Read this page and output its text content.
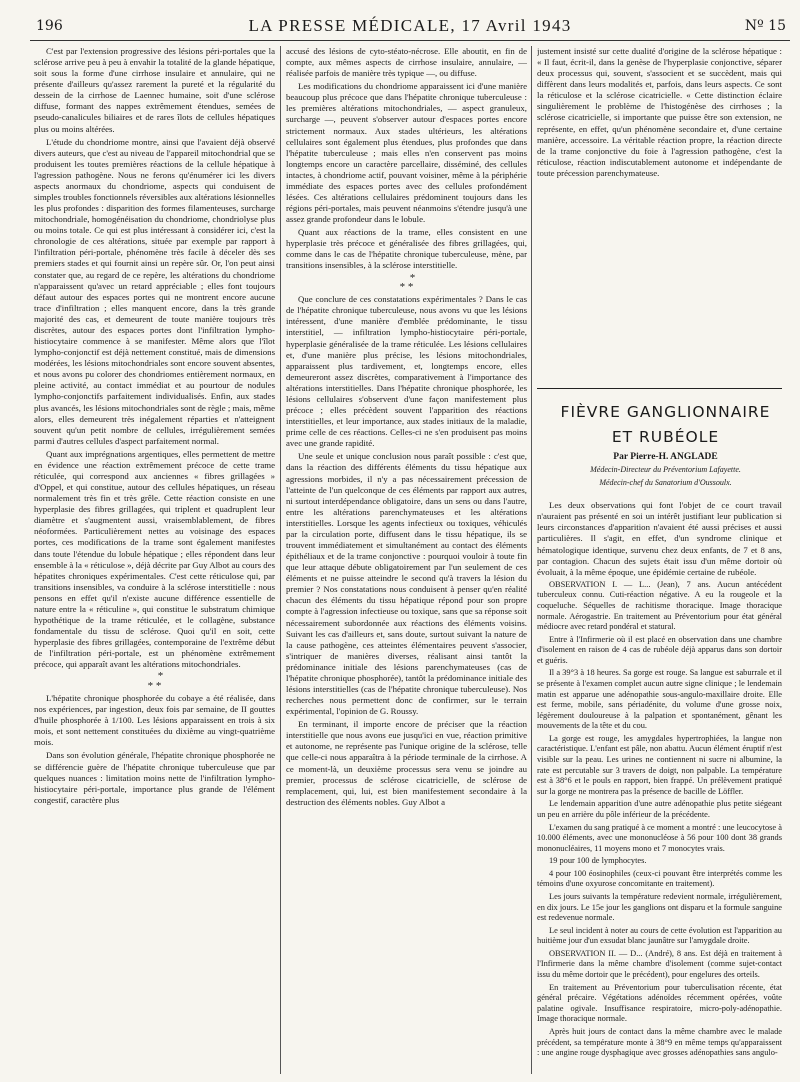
196	LA PRESSE MÉDICALE, 17 Avril 1943	Nº 15

C'est par l'extension progressive des lésions péri-portales que la sclérose arrive peu à peu à envahir la totalité de la glande hépatique, soit sous la forme d'une cirrhose insulaire et annulaire, qui ne présente d'ailleurs qu'assez rarement la pureté et la régularité du dessein de la cirrhose de Laennec humaine, soit d'une sclérose diffuse, formant des nappes extrêmement étendues, semées de pseudo-canalicules biliaires et de rares îlots de cellules hépatiques plus ou moins altérées.

L'étude du chondriome montre, ainsi que l'avaient déjà observé divers auteurs, que c'est au niveau de l'appareil mitochondrial que se produisent les toutes premières réactions de la cellule hépatique à l'agression pathogène. Nous ne ferons qu'énumérer ici les divers aspects anormaux du chondriome, aspects qui conduisent de simples troubles fonctionnels réversibles aux altérations lésionnelles les plus profondes : disparition des formes filamenteuses, surcharge mitochondriale, homogénéisation du chondriome, chondriolyse plus ou moins totale. Ce qui est plus intéressant à considérer ici, c'est la chronologie de ces altérations, située par exemple par rapport à l'infiltration péri-portale, phénomène très facile à déceler dès ses premiers stades et qui fournit ainsi un repère sûr. Or, l'on peut ainsi constater que, au regard de ce repère, les altérations du chondriome n'apparaissent qu'avec un retard appréciable ; elles font toujours défaut autour des espaces portes qui ne montrent encore aucune trace d'infiltration ; elles manquent encore, dans la très grande majorité des cas, et demeurent de toute manière toujours très discrètes, autour des espaces portes dont l'infiltration lympho-histiocytaire commence à se manifester. Même alors que l'îlot lympho-conjonctif est déjà nettement constitué, mais de dimensions modérées, les lésions mitochondriales sont encore souvent absentes, et nous avons pu colorer des chondriomes entièrement normaux, en pleine activité, au contact immédiat et au pourtour de nodules lympho-conjonctifs parfaitement individualisés. Enfin, aux stades plus avancés, les lésions mitochondriales sont de règle ; mais, même alors, elles demeurent très inégalement réparties et n'atteignent souvent qu'un petit nombre de cellules, irrégulièrement semées parmi d'autres cellules d'aspect parfaitement normal.

Quant aux imprégnations argentiques, elles permettent de mettre en évidence une réaction extrêmement précoce de cette trame réticulée, qui correspond aux anciennes « fibres grillagées » d'Oppel, et qui constitue, autour des cellules hépatiques, un réseau normalement très fin et très grêle. Cette réaction consiste en une hyperplasie des fibres grillagées, qui triplent et quadruplent leur diamètre et s'augmentent aussi, vraisemblablement, de fibres néoformées. Particulièrement nettes au voisinage des espaces portes, ces modifications de la trame sont également manifestes dans toute l'étendue du lobule hépatique ; elles répondent dans leur ensemble à la « réticulose », déjà décrite par Guy Albot au cours des hépatites chroniques expérimentales. C'est cette réticulose qui, par transitions insensibles, va conduire à la sclérose interstitielle : nous pensons en effet qu'il n'existe aucune différence essentielle de nature entre la « réticuline », qui constitue le substratum chimique hypothétique de la trame réticulée, et le collagène, substance fondamentale du tissu de sclérose. Quoi qu'il en soit, cette hyperplasie des fibres grillagées, contemporaine de l'extrême début de l'infiltration péri-portale, est un phénomène extrêmement précoce, qui apparaît avant les altérations mitochondriales.

*
* *

L'hépatite chronique phosphorée du cobaye a été réalisée, dans nos expériences, par ingestion, deux fois par semaine, de II gouttes d'huile phosphorée à 1/100. Les lésions apparaissent en trois à six mois, et sont nettement constituées du dixième au vingt-quatrième mois.

Dans son évolution générale, l'hépatite chronique phosphorée ne se différencie guère de l'hépatite chronique tuberculeuse que par quelques nuances : limitation moins nette de l'infiltration lympho-histiocytaire péri-portale, importance plus grande de l'élément congestif, caractère plus

accusé des lésions de cyto-stéato-nécrose. Elle aboutit, en fin de compte, aux mêmes aspects de cirrhose insulaire, annulaire, — réalisée parfois de manière très typique —, ou diffuse.

Les modifications du chondriome apparaissent ici d'une manière beaucoup plus précoce que dans l'hépatite chronique tuberculeuse : les premières altérations mitochondriales, — aspect granuleux, surcharge —, peuvent s'observer autour d'espaces portes encore strictement normaux. Aux stades ultérieurs, les altérations cellulaires sont également plus étendues, plus profondes que dans l'hépatite tuberculeuse ; mais elles n'en conservent pas moins longtemps encore un caractère parcellaire, disséminé, des cellules intactes, à chondriome actif, pouvant voisiner, même à la périphérie immédiate des espaces portes avec des cellules profondément lésées. Ces altérations cellulaires prédominent toujours dans les régions péri-portales, mais peuvent néanmoins s'étendre jusqu'à une assez grande profondeur dans le lobule.

Quant aux réactions de la trame, elles consistent en une hyperplasie très précoce et généralisée des fibres grillagées, qui, comme dans le cas de l'hépatite chronique tuberculeuse, mène, par transitions insensibles, à la sclérose interstitielle.

*
* *

Que conclure de ces constatations expérimentales ? Dans le cas de l'hépatite chronique tuberculeuse, nous avons vu que les lésions intéressent, d'une manière d'emblée prédominante, le tissu interstitiel, — infiltration lympho-histiocytaire péri-portale, hyperplasie généralisée de la trame réticulée. Les lésions cellulaires et, d'une manière plus précise, les lésions mitochondriales, apparaissent plus tardivement, et, longtemps encore, elles demeureront assez discrètes, comparativement à l'importance des altérations interstitielles. Dans l'hépatite chronique phosphorée, les lésions cellulaires s'observent d'une façon manifestement plus précoce ; elles précèdent souvent l'apparition des réactions interstitielles, et leur importance, aux stades initiaux de la maladie, prime celle de ces réactions. Celles-ci ne s'en produisent pas moins avec une grande rapidité.

Une seule et unique conclusion nous paraît possible : c'est que, dans la réaction des différents éléments du tissu hépatique aux agressions morbides, il n'y a pas nécessairement précession de l'atteinte de l'un quelconque de ces éléments par rapport aux autres, ni surtout interdépendance obligatoire, dans un sens ou dans l'autre, entre les altérations parenchymateuses et les altérations interstitielles. Lorsque les agents infectieux ou toxiques, véhiculés par la circulation porte, diffusent dans le tissu hépatique, ils se trouvent immédiatement et simultanément au contact des éléments épithéliaux et de la trame conjonctive : pourquoi vouloir à toute fin que leur attaque débute obligatoirement par l'un seulement de ces éléments et ne puisse atteindre le second qu'à travers la lésion du premier ? Nos constatations nous conduisent à penser qu'en réalité chacun des éléments du tissu hépatique répond pour son propre compte à l'agression infectieuse ou toxique, sans que sa réponse soit nécessairement subordonnée aux réactions des éléments voisins. Suivant les cas d'ailleurs et, sans doute, surtout suivant la nature de la cause pathogène, ces atteintes élémentaires peuvent s'associer, s'intriquer de manières diverses, réalisant ainsi tantôt la prédominance initiale des lésions parenchymateuses (cas de l'hépatite chronique phosphorée), tantôt la prédominance initiale des lésions interstitielles (cas de l'hépatite chronique tuberculeuse). Nos recherches nous permettent donc de confirmer, sur le terrain expérimental, l'opinion de G. Roussy.

En terminant, il importe encore de préciser que la réaction interstitielle que nous avons eue jusqu'ici en vue, réaction primitive et autonome, ne représente pas l'unique origine de la sclérose, telle que celle-ci nous apparaîtra à la période terminale de la cirrhose. A ce moment-là, un deuxième processus sera venu se joindre au premier, processus de sclérose cicatricielle, de sclérose de remplacement, qui, lui, est bien manifestement secondaire à la destruction des éléments nobles. Guy Albot a

justement insisté sur cette dualité d'origine de la sclérose hépatique : « Il faut, écrit-il, dans la genèse de l'hyperplasie conjonctive, séparer deux processus qui, souvent, s'associent et se succèdent, mais qui diffèrent dans leurs modalités et, parfois, dans leurs aspects. Ce sont la réticulose et la sclérose cicatricielle. « Cette distinction éclaire singulièrement le problème de l'histogénèse des cirrhoses ; la sclérose cicatricielle, si importante que puisse être son extension, ne représente, en effet, qu'un phénomène secondaire et, d'une certaine manière, accessoire. La véritable réaction propre, la réaction directe de la trame conjonctive du foie à l'agression pathogène, c'est la réticulose, réaction indiscutablement autonome et indépendante de toute précession parenchymateuse.

FIÈVRE GANGLIONNAIRE

ET RUBÉOLE

Par Pierre-H. ANGLADE

Médecin-Directeur du Préventorium Lafayette.

Médecin-chef du Sanatorium d'Oussoulx.

Les deux observations qui font l'objet de ce court travail n'auraient pas présenté en soi un intérêt justifiant leur publication si leurs circonstances d'apparition n'avaient été aussi précises et aussi particulières. Il s'agit, en effet, d'un syndrome clinique et hématologique identique, survenu chez deux enfants, de 7 et 8 ans, par contagion. Chacun des sujets était issu d'un même dortoir où évoluait, à la même époque, une épidémie certaine de rubéole.

OBSERVATION I. — L... (Jean), 7 ans. Aucun antécédent tuberculeux connu. Cuti-réaction négative. A eu la rougeole et la coqueluche. Séquelles de rachitisme thoracique. Image thoracique normale. Aérogastrie. En traitement au Préventorium pour état général médiocre avec retard pondéral et statural.

Entre à l'Infirmerie où il est placé en observation dans une chambre d'isolement en raison de 4 cas de rubéole déjà apparus dans son dortoir et guéris.

Il a 39°3 à 18 heures. Sa gorge est rouge. Sa langue est saburrale et il se présente à l'examen complet aucun autre signe clinique ; le lendemain matin est apparue une adénopathie sous-angulo-maxillaire droite. Elle est ferme, mobile, sans périadénite, du volume d'une grosse noix, légèrement douloureuse à la palpation et spontanément, gênant les mouvements de la tête et du cou.

La gorge est rouge, les amygdales hypertrophiées, la langue non caractéristique. L'enfant est pâle, non abattu. Aucun élément éruptif n'est visible sur la peau. Les urines ne contiennent ni sucre ni albumine, la rate est percutable sur 3 travers de doigt, non palpable. La température est à 38°6 et le pouls en rapport, bien frappé. Un prélèvement pratiqué sur la gorge ne montrera pas la présence de bacille de Löffler.

Le lendemain apparition d'une autre adénopathie plus petite siégeant un peu en arrière du pôle inférieur de la précédente.

L'examen du sang pratiqué à ce moment a montré : une leucocytose à 10.000 éléments, avec une mononucléose à 56 pour 100 dont 38 grands mononucléaires, 11 moyens mono et 7 monocytes vrais.

19 pour 100 de lymphocytes.

4 pour 100 éosinophiles (ceux-ci pouvant être interprétés comme les témoins d'une oxyurose concomitante en traitement).

Les jours suivants la température redevient normale, irrégulièrement, en dix jours. Le 15e jour les ganglions ont disparu et la formule sanguine est redevenue normale.

Le seul incident à noter au cours de cette évolution est l'apparition au huitième jour d'un exsudat blanc jaunâtre sur l'amygdale droite.

OBSERVATION II. — D... (André), 8 ans. Est déjà en traitement à l'Infirmerie dans la même chambre d'isolement (comme sujet-contact issu du même dortoir que le précédent), pour engelures des orteils.

En traitement au Préventorium pour tuberculisation récente, état général précaire. Végétations adénoïdes récemment opérées, voûte palatine ogivale. Insuffisance respiratoire, micro-poly-adénopathie. Image thoracique normale.

Après huit jours de contact dans la même chambre avec le malade précédent, sa température monte à 38°9 en même temps qu'apparaissent : une angine rouge dysphagique avec grosses adénopathies sans angulo-
